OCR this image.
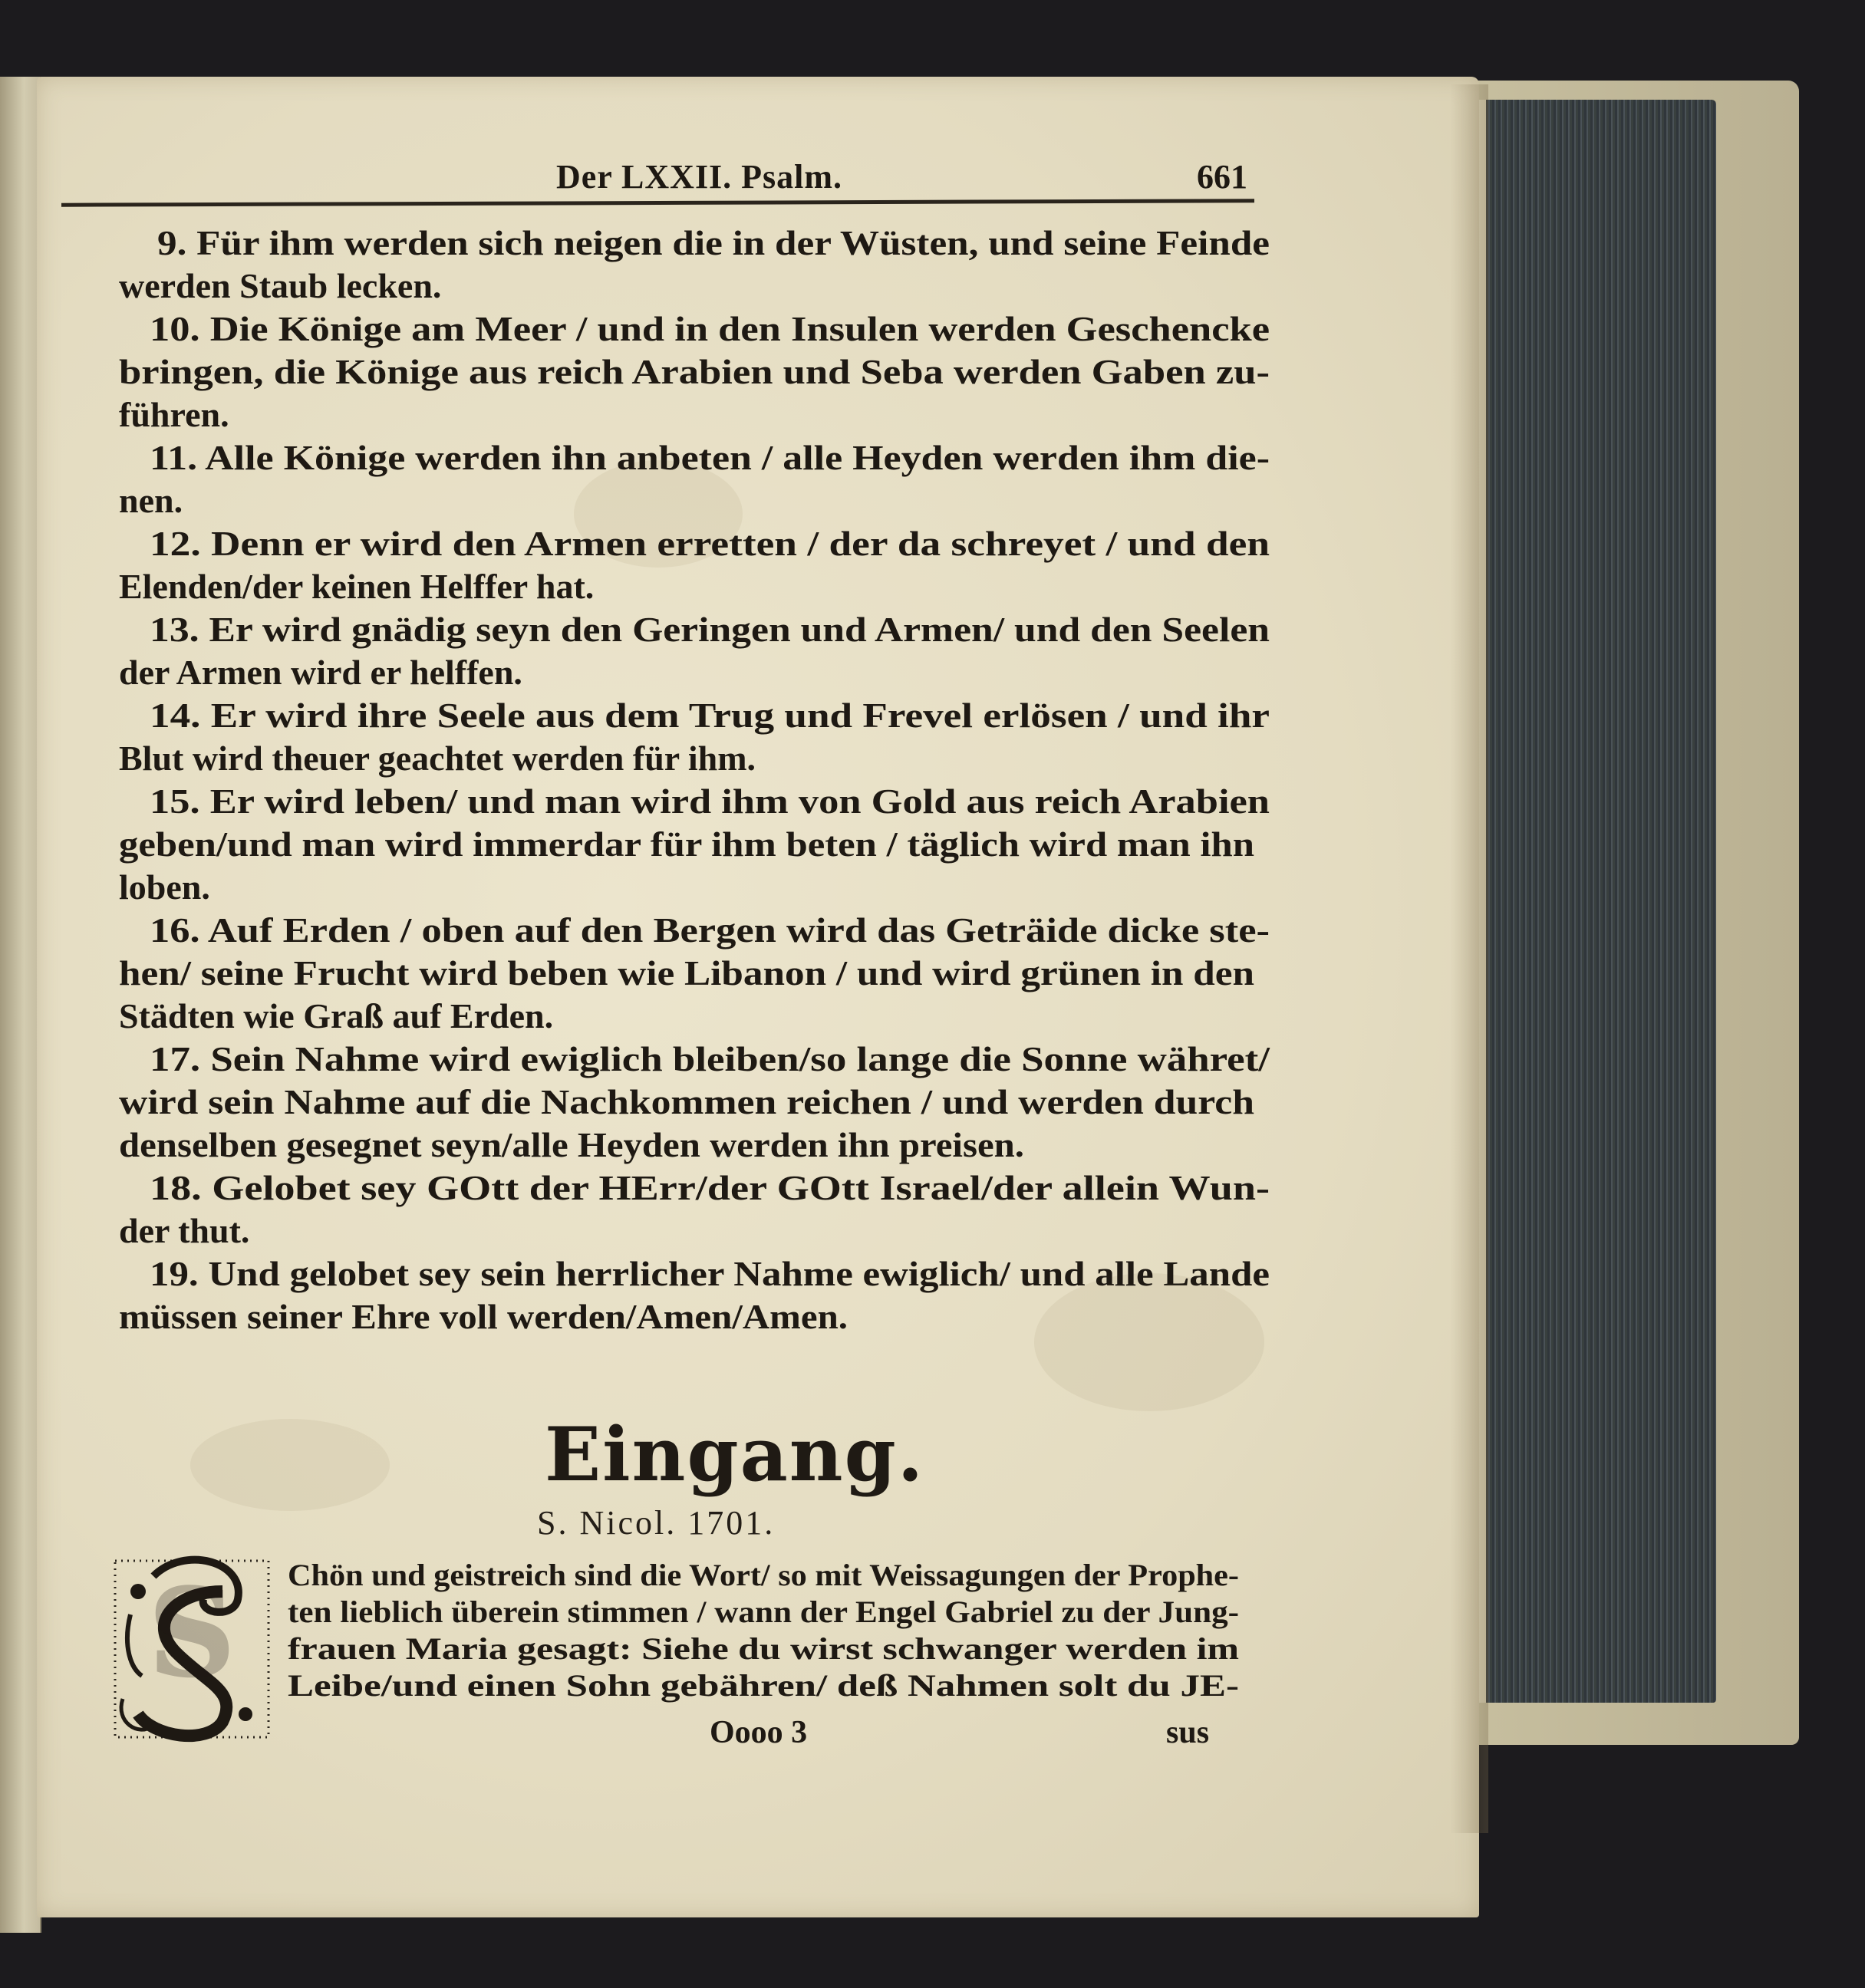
Der LXXII. Psalm.	661
9. Für ihm werden sich neigen die in der Wüsten, und seine Feinde
werden Staub lecken.
10. Die Könige am Meer / und in den Insulen werden Geschencke
bringen, die Könige aus reich Arabien und Seba werden Gaben zu-
führen.
11. Alle Könige werden ihn anbeten / alle Heyden werden ihm die-
nen.
12. Denn er wird den Armen erretten / der da schreyet / und den
Elenden/der keinen Helffer hat.
13. Er wird gnädig seyn den Geringen und Armen/ und den Seelen
der Armen wird er helffen.
14. Er wird ihre Seele aus dem Trug und Frevel erlösen / und ihr
Blut wird theuer geachtet werden für ihm.
15. Er wird leben/ und man wird ihm von Gold aus reich Arabien
geben/und man wird immerdar für ihm beten / täglich wird man ihn
loben.
16. Auf Erden / oben auf den Bergen wird das Geträide dicke ste-
hen/ seine Frucht wird beben wie Libanon / und wird grünen in den
Städten wie Graß auf Erden.
17. Sein Nahme wird ewiglich bleiben/so lange die Sonne währet/
wird sein Nahme auf die Nachkommen reichen / und werden durch
denselben gesegnet seyn/alle Heyden werden ihn preisen.
18. Gelobet sey GOtt der HErr/der GOtt Israel/der allein Wun-
der thut.
19. Und gelobet sey sein herrlicher Nahme ewiglich/ und alle Lande
müssen seiner Ehre voll werden/Amen/Amen.
Eingang.
S. Nicol. 1701.
S Chön und geistreich sind die Wort/ so mit Weissagungen der Prophe-
ten lieblich überein stimmen / wann der Engel Gabriel zu der Jung-
frauen Maria gesagt: Siehe du wirst schwanger werden im
Leibe/und einen Sohn gebähren/ deß Nahmen solt du JE-
Oooo 3	sus
